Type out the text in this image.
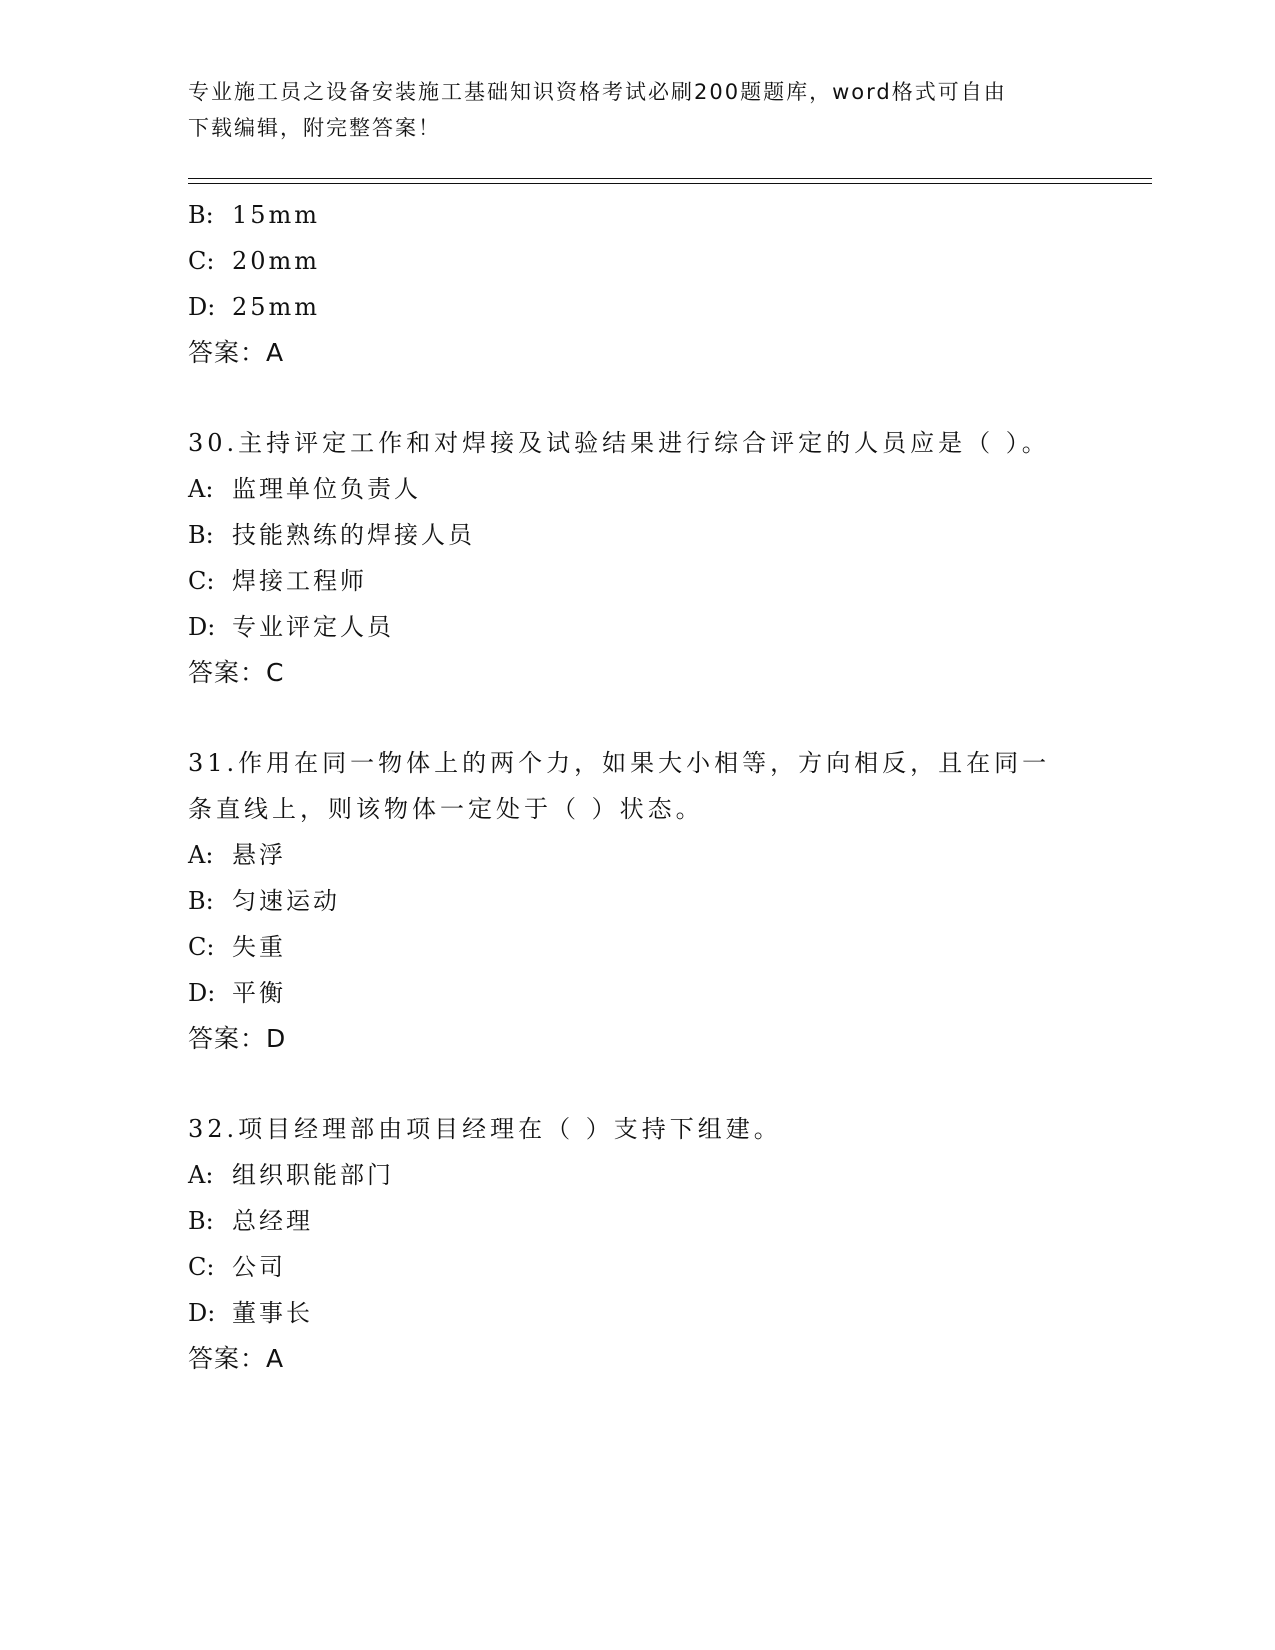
专业施工员之设备安装施工基础知识资格考试必刷200题题库，word格式可自由
下载编辑，附完整答案！
B: 15mm
C: 20mm
D: 25mm
答案：A
30.主持评定工作和对焊接及试验结果进行综合评定的人员应是（ ）。
A: 监理单位负责人
B: 技能熟练的焊接人员
C: 焊接工程师
D: 专业评定人员
答案：C
31.作用在同一物体上的两个力，如果大小相等，方向相反，且在同一条直线上，则该物体一定处于（ ）状态。
A: 悬浮
B: 匀速运动
C: 失重
D: 平衡
答案：D
32.项目经理部由项目经理在（ ）支持下组建。
A: 组织职能部门
B: 总经理
C: 公司
D: 董事长
答案：A
